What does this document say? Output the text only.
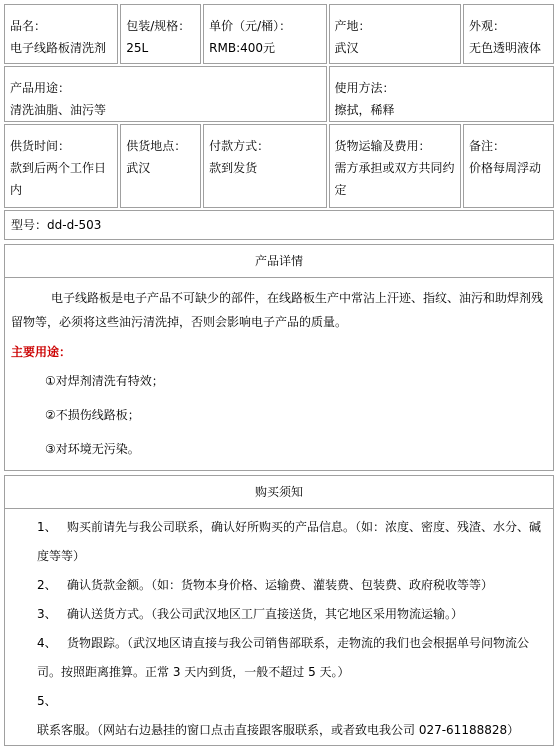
品名：
电子线路板清洗剂	包装/规格：
25L	单价（元/桶）：
RMB:400元	产地：
武汉	外观：
无色透明液体

产品用途：
清洗油脂、油污等			使用方法：
擦拭，稀释	

供货时间：
款到后两个工作日内	供货地点：
武汉	付款方式：
款到发货	货物运输及费用：
需方承担或双方共同约定	备注：
价格每周浮动
型号：dd-d-503
产品详情

电子线路板是电子产品不可缺少的部件，在线路板生产中常沾上汗迹、指纹、油污和助焊剂残留物等，必须将这些油污清洗掉，否则会影响电子产品的质量。

主要用途：

①对焊剂清洗有特效；

②不损伤线路板；

③对环境无污染。

购买须知

1、 购买前请先与我公司联系，确认好所购买的产品信息。（如：浓度、密度、残渣、水分、碱度等等）

2、 确认货款金额。（如：货物本身价格、运输费、灌装费、包装费、政府税收等等）

3、 确认送货方式。（我公司武汉地区工厂直接送货，其它地区采用物流运输。）

4、 货物跟踪。（武汉地区请直接与我公司销售部联系，走物流的我们也会根据单号问物流公司。按照距离推算。正常 3 天内到货，一般不超过 5 天。）

5、联系客服。（网站右边悬挂的窗口点击直接跟客服联系，或者致电我公司 027-61188828）
